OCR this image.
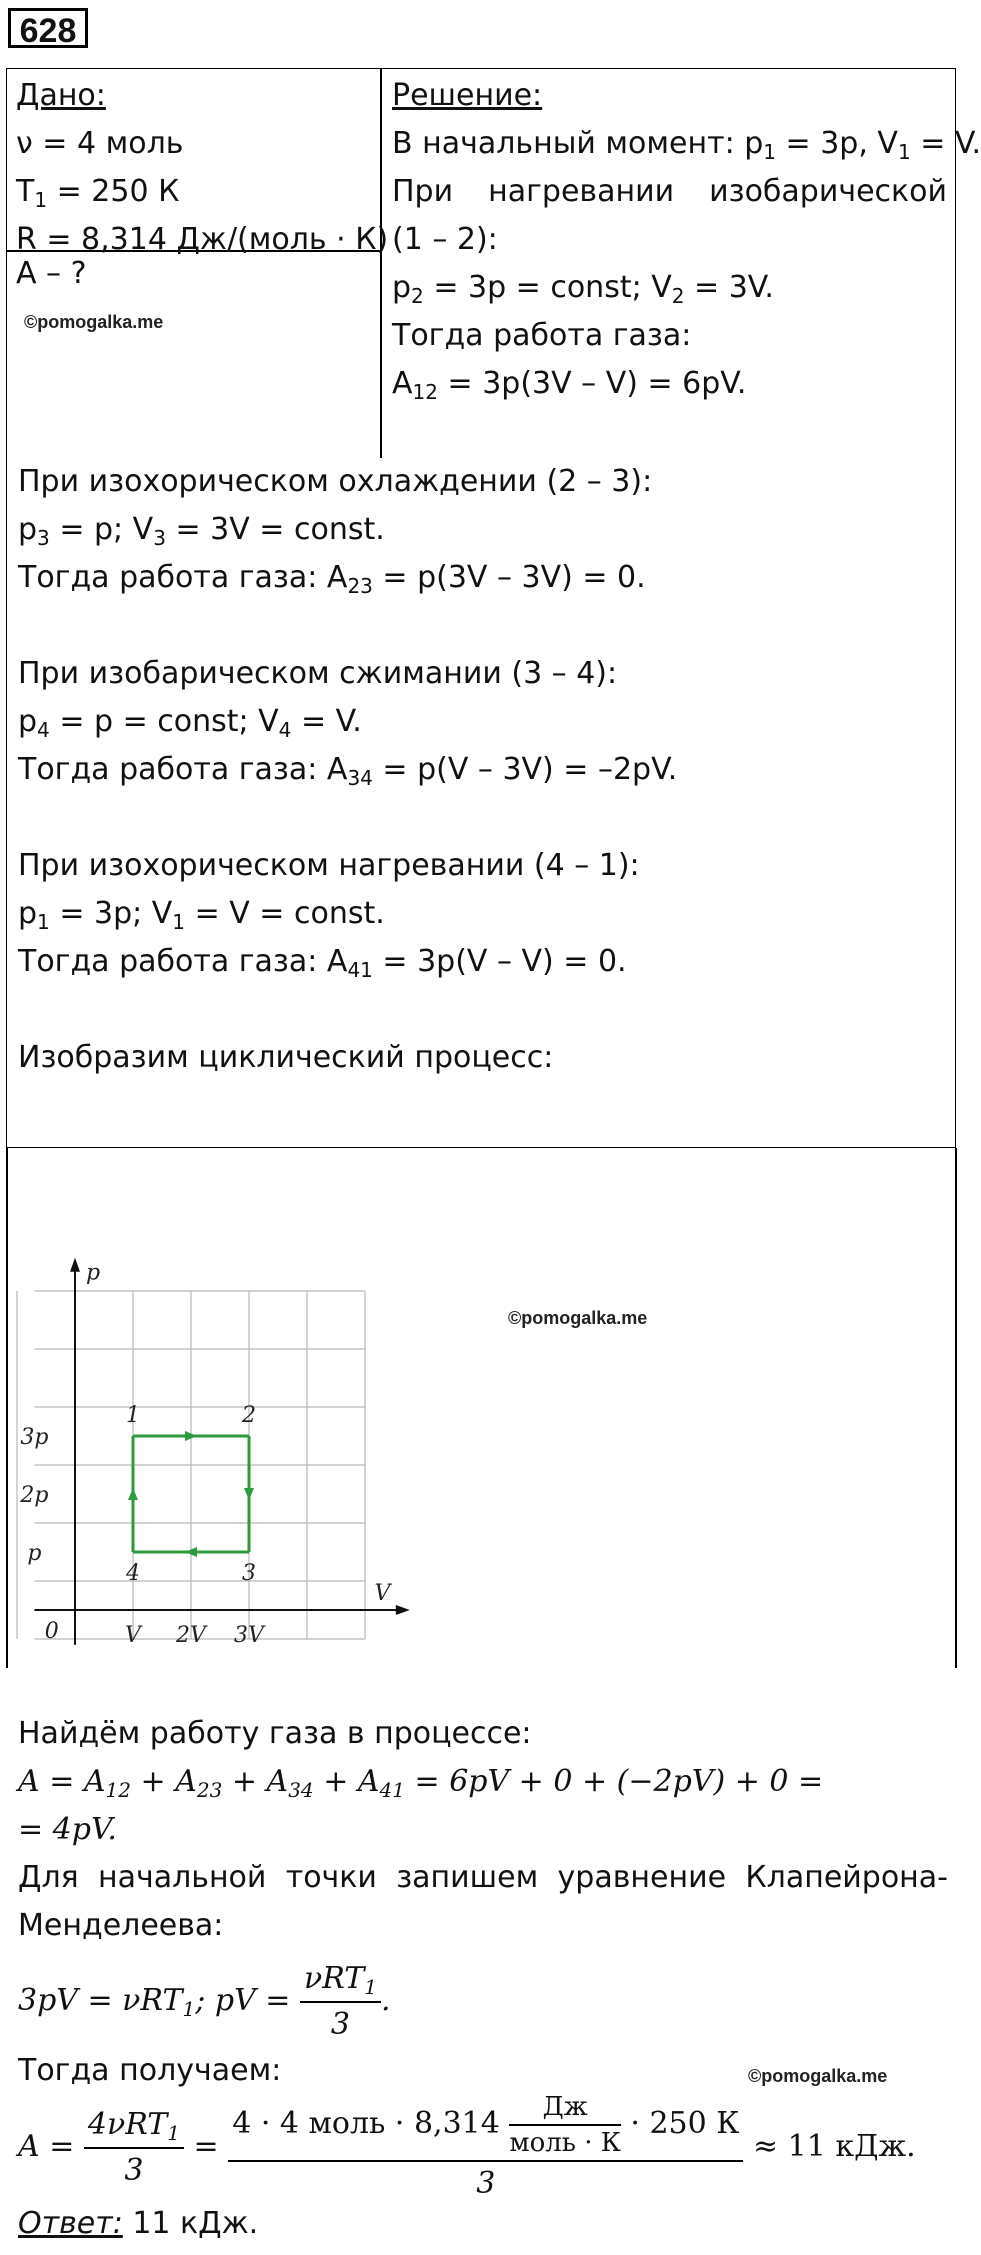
628
Дано:
ν = 4 моль
$T_1 = 250$ К
R = 8,314 Дж/(моль · К)
A – ?
©pomogalka.me
Решение:
В начальный момент: $p_1 = 3p$, $V_1 = V$.
При нагревании изобарической
(1 – 2):
$p_2 = 3p$ = const; $V_2 = 3V$.
Тогда работа газа:
$A_{12} = 3p(3V - V) = 6pV$.
При изохорическом охлаждении (2 – 3):
$p_3 = p$; $V_3 = 3V$ = const.
Тогда работа газа: $A_{23} = p(3V - 3V) = 0$.
При изобарическом сжимании (3 – 4):
$p_4 = p$ = const; $V_4 = V$.
Тогда работа газа: $A_{34} = p(V - 3V) = -2pV$.
При изохорическом нагревании (4 – 1):
$p_1 = 3p$; $V_1 = V$ = const.
Тогда работа газа: $A_{41} = 3p(V - V) = 0$.
Изобразим циклический процесс:
p
V
0	V 2V 3V
p
2p
3p
1	2
3
4
©pomogalka.me
Найдём работу газа в процессе:
$A = A_{12} + A_{23} + A_{34} + A_{41} = 6pV + 0 + (-2pV) + 0$ =
= 4pV.
Для начальной точки запишем уравнение Клапейрона-
Менделеева:
3pV = νRT$_1$; pV = $\frac{\nu RT_1}{3}$ .
Тогда получаем:	©pomogalka.me
$A = \frac{4\nu RT_1}{3} = \frac{4 \cdot 4 моль \cdot 8,314 \frac{Дж}{\text{моль · К}} \cdot 250 К}{3} \approx 11$ кДж.
Ответ: 11 кДж.
